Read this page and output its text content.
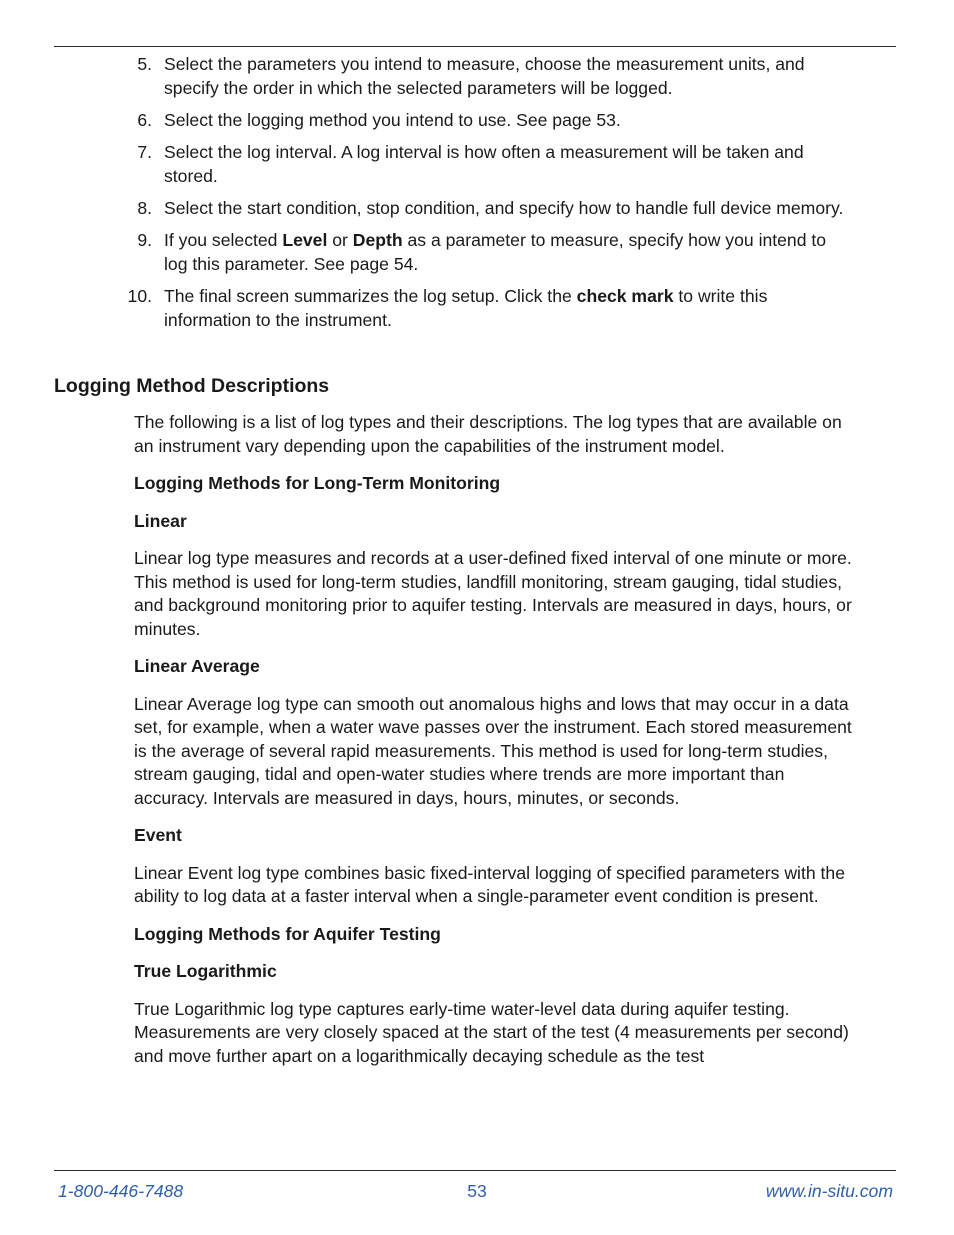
5. Select the parameters you intend to measure, choose the measurement units, and specify the order in which the selected parameters will be logged.
6. Select the logging method you intend to use. See page 53.
7. Select the log interval. A log interval is how often a measurement will be taken and stored.
8. Select the start condition, stop condition, and specify how to handle full device memory.
9. If you selected Level or Depth as a parameter to measure, specify how you intend to log this parameter. See page 54.
10. The final screen summarizes the log setup. Click the check mark to write this information to the instrument.
Logging Method Descriptions

The following is a list of log types and their descriptions. The log types that are available on an instrument vary depending upon the capabilities of the instrument model.

Logging Methods for Long-Term Monitoring

Linear

Linear log type measures and records at a user-defined fixed interval of one minute or more. This method is used for long-term studies, landfill monitoring, stream gauging, tidal studies, and background monitoring prior to aquifer testing. Intervals are measured in days, hours, or minutes.

Linear Average

Linear Average log type can smooth out anomalous highs and lows that may occur in a data set, for example, when a water wave passes over the instrument. Each stored measurement is the average of several rapid measurements. This method is used for long-term studies, stream gauging, tidal and open-water studies where trends are more important than accuracy. Intervals are measured in days, hours, minutes, or seconds.

Event

Linear Event log type combines basic fixed-interval logging of specified parameters with the ability to log data at a faster interval when a single-parameter event condition is present.

Logging Methods for Aquifer Testing

True Logarithmic

True Logarithmic log type captures early-time water-level data during aquifer testing. Measurements are very closely spaced at the start of the test (4 measurements per second) and move further apart on a logarithmically decaying schedule as the test

1-800-446-7488	53	www.in-situ.com
